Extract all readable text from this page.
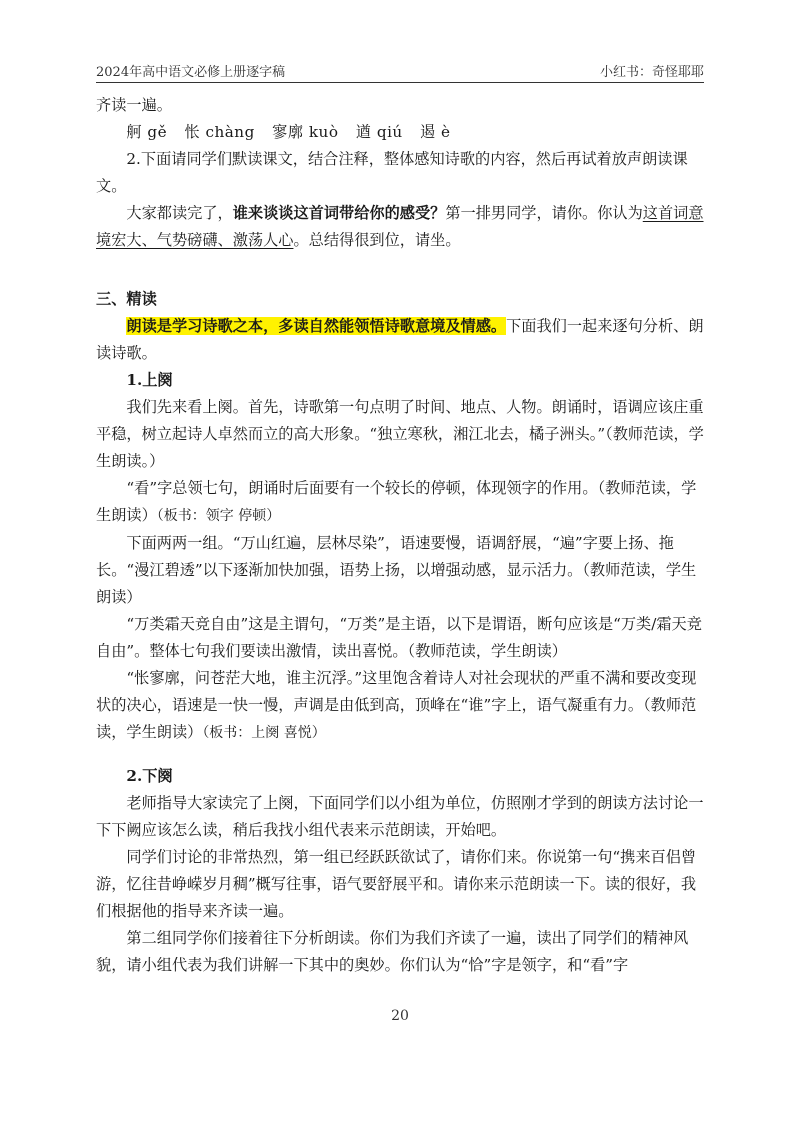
2024年高中语文必修上册逐字稿	小红书：奇怪耶耶

齐读一遍。

舸 gě 怅 chàng 寥廓 kuò 遒 qiú 遏 è

2.下面请同学们默读课文，结合注释，整体感知诗歌的内容，然后再试着放声朗读课文。

大家都读完了，谁来谈谈这首词带给你的感受？第一排男同学，请你。你认为这首词意境宏大、气势磅礴、激荡人心。总结得很到位，请坐。

三、精读

朗读是学习诗歌之本，多读自然能领悟诗歌意境及情感。下面我们一起来逐句分析、朗读诗歌。

1.上阕

我们先来看上阕。首先，诗歌第一句点明了时间、地点、人物。朗诵时，语调应该庄重平稳，树立起诗人卓然而立的高大形象。“独立寒秋，湘江北去，橘子洲头。”（教师范读，学生朗读。）

“看”字总领七句，朗诵时后面要有一个较长的停顿，体现领字的作用。（教师范读，学生朗读）（板书：领字 停顿）

下面两两一组。“万山红遍，层林尽染”，语速要慢，语调舒展，“遍”字要上扬、拖长。“漫江碧透”以下逐渐加快加强，语势上扬，以增强动感，显示活力。（教师范读，学生朗读）

“万类霜天竞自由”这是主谓句，“万类”是主语，以下是谓语，断句应该是“万类/霜天竞自由”。整体七句我们要读出激情，读出喜悦。（教师范读，学生朗读）

“怅寥廓，问苍茫大地，谁主沉浮。”这里饱含着诗人对社会现状的严重不满和要改变现状的决心，语速是一快一慢，声调是由低到高，顶峰在“谁”字上，语气凝重有力。（教师范读，学生朗读）（板书：上阕 喜悦）

2.下阕

老师指导大家读完了上阕，下面同学们以小组为单位，仿照刚才学到的朗读方法讨论一下下阙应该怎么读，稍后我找小组代表来示范朗读，开始吧。

同学们讨论的非常热烈，第一组已经跃跃欲试了，请你们来。你说第一句“携来百侣曾游，忆往昔峥嵘岁月稠”概写往事，语气要舒展平和。请你来示范朗读一下。读的很好，我们根据他的指导来齐读一遍。

第二组同学你们接着往下分析朗读。你们为我们齐读了一遍，读出了同学们的精神风貌，请小组代表为我们讲解一下其中的奥妙。你们认为“恰”字是领字，和“看”字

20
